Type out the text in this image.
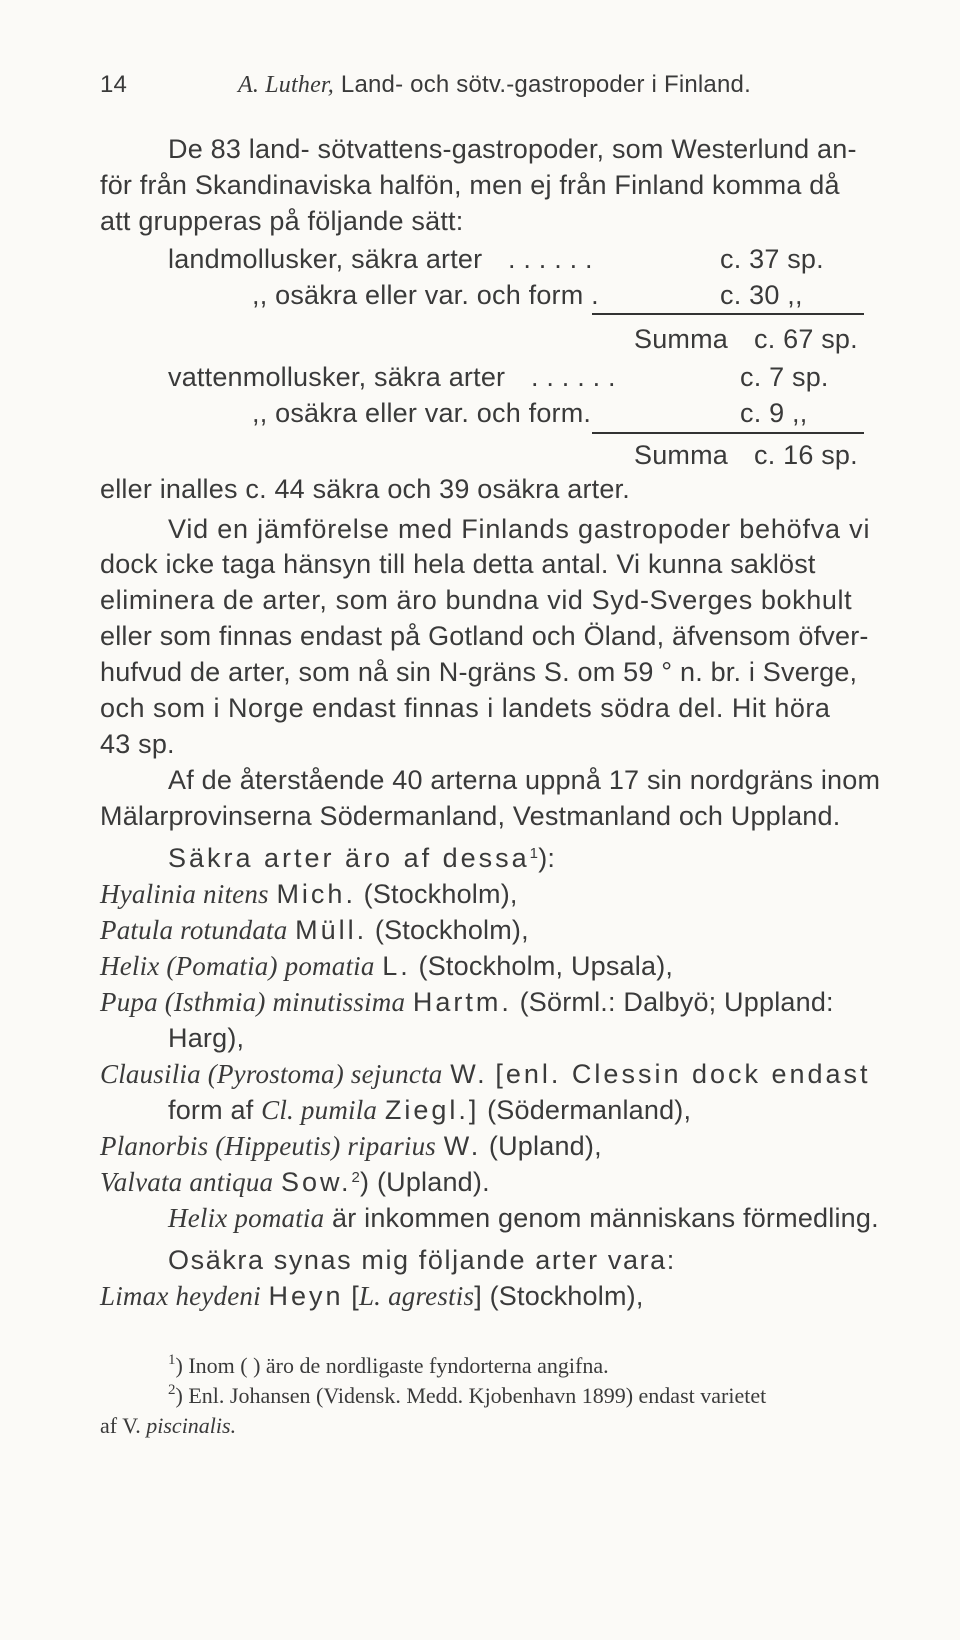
14	A. Luther, Land- och sötv.-gastropoder i Finland.
De 83 land- sötvattens-gastropoder, som Westerlund an-
för från Skandinaviska halfön, men ej från Finland komma då
att grupperas på följande sätt:
landmollusker, säkra arter . . . . . .	c. 37 sp.
,, osäkra eller var. och form .	c. 30 ,,
Summa c. 67 sp.
vattenmollusker, säkra arter . . . . . .	c. 7 sp.
,, osäkra eller var. och form.	c. 9 ,,
Summa c. 16 sp.
eller inalles c. 44 säkra och 39 osäkra arter.
Vid en jämförelse med Finlands gastropoder behöfva vi
dock icke taga hänsyn till hela detta antal. Vi kunna saklöst
eliminera de arter, som äro bundna vid Syd-Sverges bokhult
eller som finnas endast på Gotland och Öland, äfvensom öfver-
hufvud de arter, som nå sin N-gräns S. om 59 ° n. br. i Sverge,
och som i Norge endast finnas i landets södra del. Hit höra
43 sp.
Af de återstående 40 arterna uppnå 17 sin nordgräns inom
Mälarprovinserna Södermanland, Vestmanland och Uppland.
Säkra arter äro af dessa$^1$):
Hyalinia nitens Mich. (Stockholm),
Patula rotundata Müll. (Stockholm),
Helix (Pomatia) pomatia L. (Stockholm, Upsala),
Pupa (Isthmia) minutissima Hartm. (Sörml.: Dalbyö; Uppland:
Harg),
Clausilia (Pyrostoma) sejuncta W. [enl. Clessin dock endast
form af Cl. pumila Ziegl.] (Södermanland),
Planorbis (Hippeutis) riparius W. (Upland),
Valvata antiqua Sow.$^2$) (Upland).
Helix pomatia är inkommen genom människans förmedling.
Osäkra synas mig följande arter vara:
Limax heydeni Heyn [L. agrestis] (Stockholm),
$^1$) Inom ( ) äro de nordligaste fyndorterna angifna.
$^2$) Enl. Johansen (Vidensk. Medd. Kjobenhavn 1899) endast varietet
af V. piscinalis.
